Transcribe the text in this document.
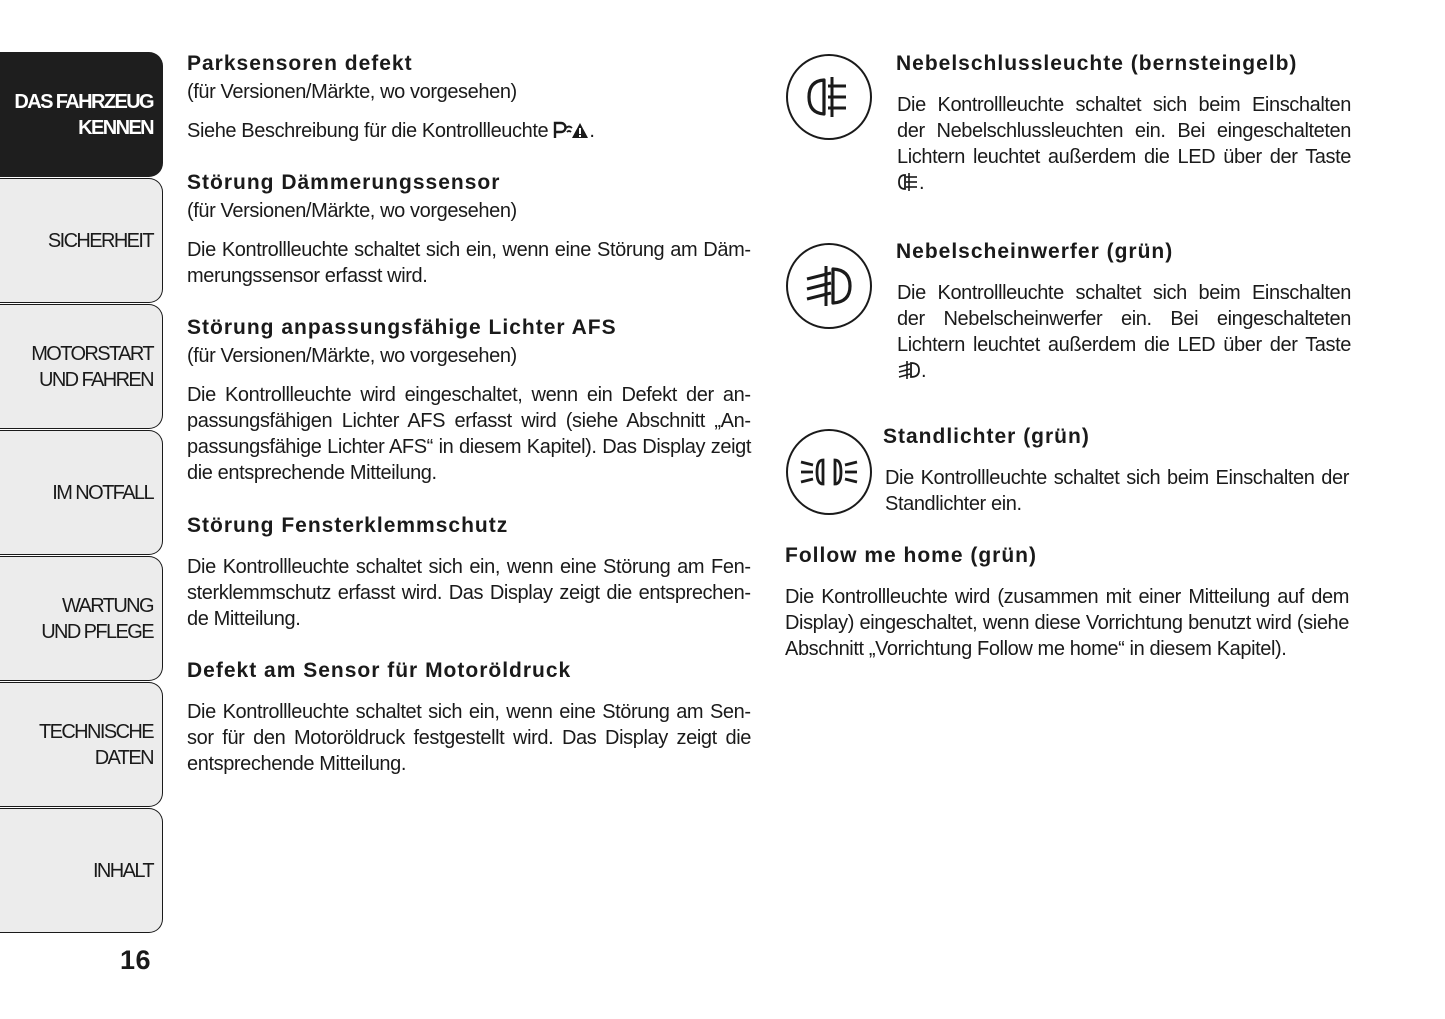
DAS FAHRZEUG
KENNEN
SICHERHEIT
MOTORSTART
UND FAHREN
IM NOTFALL
WARTUNG
UND PFLEGE
TECHNISCHE
DATEN
INHALT
16
Parksensoren defekt
(für Versionen/Märkte, wo vorgesehen)
Siehe Beschreibung für die Kontrollleuchte .
Störung Dämmerungssensor
(für Versionen/Märkte, wo vorgesehen)
Die Kontrollleuchte schaltet sich ein, wenn eine Störung am Dämmerungssensor erfasst wird.
Störung anpassungsfähige Lichter AFS
(für Versionen/Märkte, wo vorgesehen)
Die Kontrollleuchte wird eingeschaltet, wenn ein Defekt der anpassungsfähigen Lichter AFS erfasst wird (siehe Abschnitt „Anpassungsfähige Lichter AFS“ in diesem Kapitel). Das Display zeigt die entsprechende Mitteilung.
Störung Fensterklemmschutz
Die Kontrollleuchte schaltet sich ein, wenn eine Störung am Fensterklemmschutz erfasst wird. Das Display zeigt die entsprechende Mitteilung.
Defekt am Sensor für Motoröldruck
Die Kontrollleuchte schaltet sich ein, wenn eine Störung am Sensor für den Motoröldruck festgestellt wird. Das Display zeigt die entsprechende Mitteilung.
Nebelschlussleuchte (bernsteingelb)
Die Kontrollleuchte schaltet sich beim Einschalten der Nebelschlussleuchten ein. Bei eingeschalteten Lichtern leuchtet außerdem die LED über der Taste .
Nebelscheinwerfer (grün)
Die Kontrollleuchte schaltet sich beim Einschalten der Nebelscheinwerfer ein. Bei eingeschalteten Lichtern leuchtet außerdem die LED über der Taste .
Standlichter (grün)
Die Kontrollleuchte schaltet sich beim Einschalten der Standlichter ein.
Follow me home (grün)
Die Kontrollleuchte wird (zusammen mit einer Mitteilung auf dem Display) eingeschaltet, wenn diese Vorrichtung benutzt wird (siehe Abschnitt „Vorrichtung Follow me home“ in diesem Kapitel).
